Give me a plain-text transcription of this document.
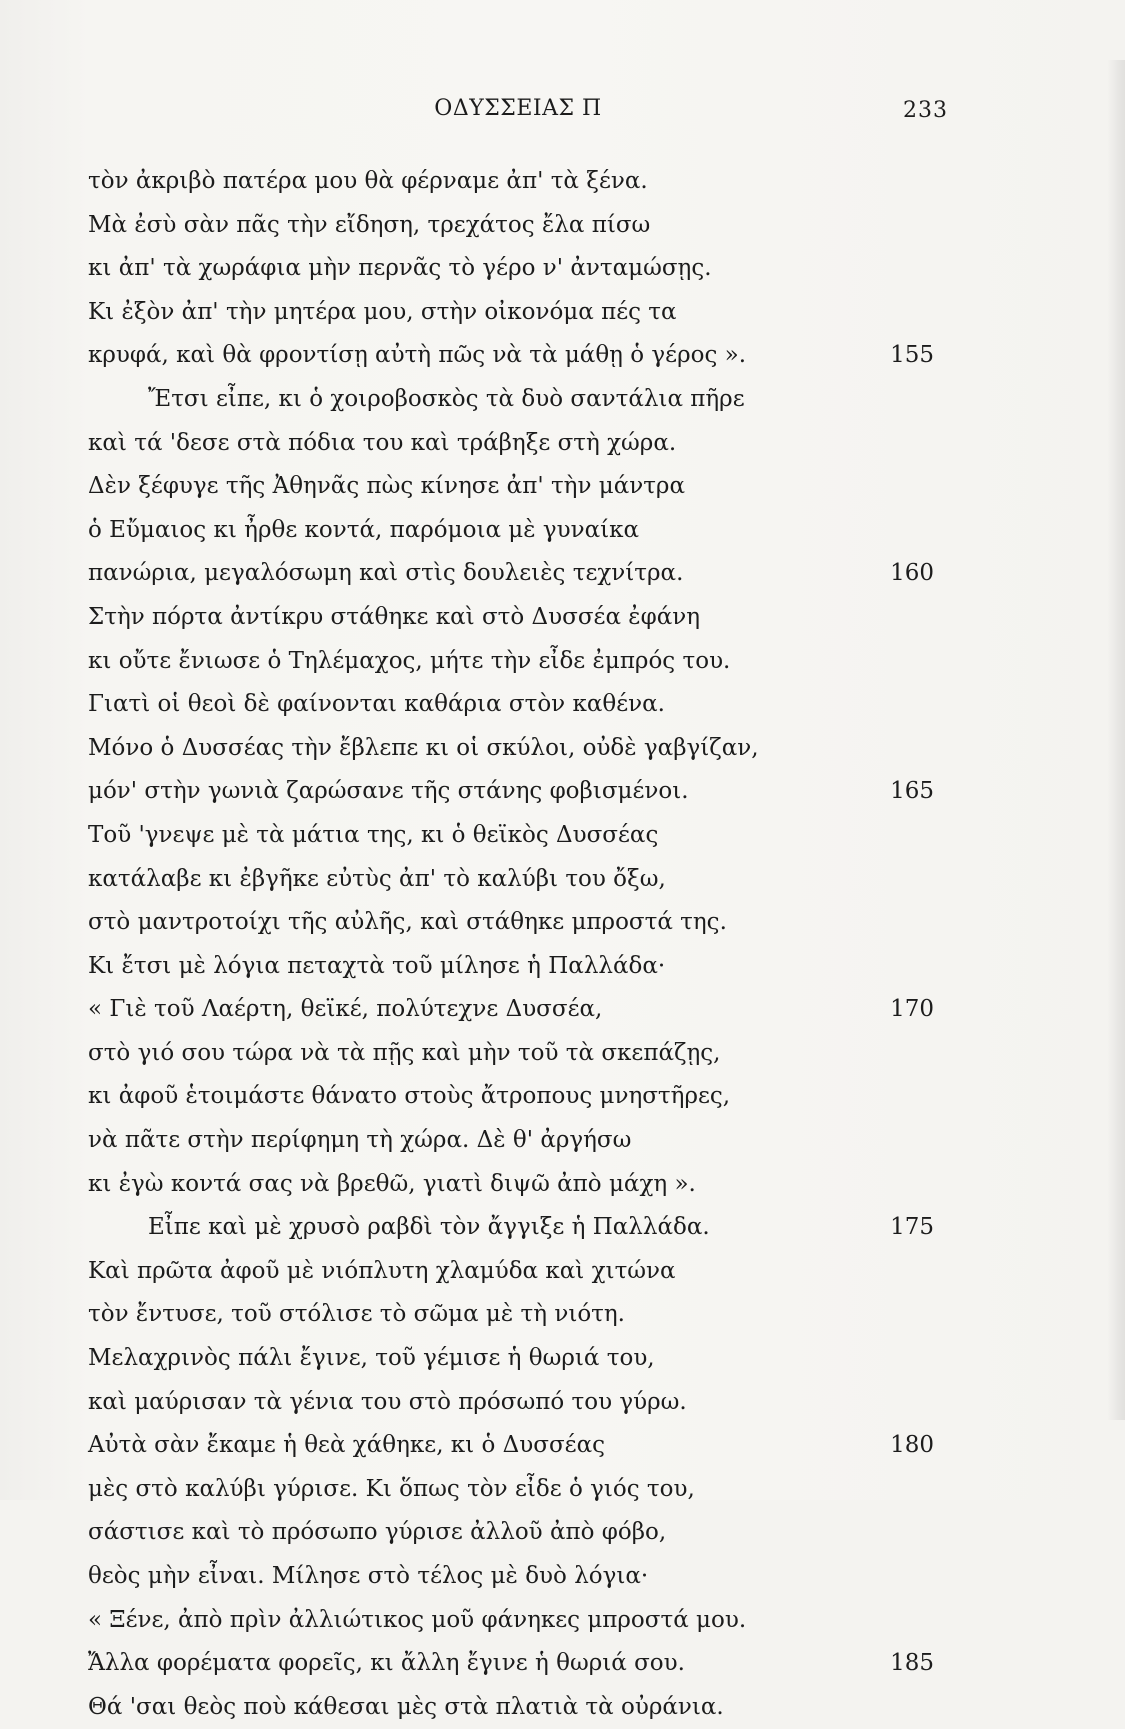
ΟΔΥΣΣΕΙΑΣ Π	233
τὸν ἀκριβὸ πατέρα μου θὰ φέρναμε ἀπ' τὰ ξένα.
Μὰ ἐσὺ σὰν πᾶς τὴν εἴδηση, τρεχάτος ἔλα πίσω
κι ἀπ' τὰ χωράφια μὴν περνᾶς τὸ γέρο ν' ἀνταμώσῃς.
Κι ἐξὸν ἀπ' τὴν μητέρα μου, στὴν οἰκονόμα πές τα
κρυφά, καὶ θὰ φροντίσῃ αὐτὴ πῶς νὰ τὰ μάθῃ ὁ γέρος ».	155
Ἔτσι εἶπε, κι ὁ χοιροβοσκὸς τὰ δυὸ σαντάλια πῆρε
καὶ τά 'δεσε στὰ πόδια του καὶ τράβηξε στὴ χώρα.
Δὲν ξέφυγε τῆς Ἀθηνᾶς πὼς κίνησε ἀπ' τὴν μάντρα
ὁ Εὔμαιος κι ἦρθε κοντά, παρόμοια μὲ γυναίκα
πανώρια, μεγαλόσωμη καὶ στὶς δουλειὲς τεχνίτρα.	160
Στὴν πόρτα ἀντίκρυ στάθηκε καὶ στὸ Δυσσέα ἐφάνη
κι οὔτε ἔνιωσε ὁ Τηλέμαχος, μήτε τὴν εἶδε ἐμπρός του.
Γιατὶ οἱ θεοὶ δὲ φαίνονται καθάρια στὸν καθένα.
Μόνο ὁ Δυσσέας τὴν ἔβλεπε κι οἱ σκύλοι, οὐδὲ γαβγίζαν,
μόν' στὴν γωνιὰ ζαρώσανε τῆς στάνης φοβισμένοι.	165
Τοῦ 'γνεψε μὲ τὰ μάτια της, κι ὁ θεϊκὸς Δυσσέας
κατάλαβε κι ἐβγῆκε εὐτὺς ἀπ' τὸ καλύβι του ὄξω,
στὸ μαντροτοίχι τῆς αὐλῆς, καὶ στάθηκε μπροστά της.
Κι ἔτσι μὲ λόγια πεταχτὰ τοῦ μίλησε ἡ Παλλάδα·
« Γιὲ τοῦ Λαέρτη, θεϊκέ, πολύτεχνε Δυσσέα,	170
στὸ γιό σου τώρα νὰ τὰ πῇς καὶ μὴν τοῦ τὰ σκεπάζῃς,
κι ἀφοῦ ἑτοιμάστε θάνατο στοὺς ἄτροπους μνηστῆρες,
νὰ πᾶτε στὴν περίφημη τὴ χώρα. Δὲ θ' ἀργήσω
κι ἐγὼ κοντά σας νὰ βρεθῶ, γιατὶ διψῶ ἀπὸ μάχη ».
Εἶπε καὶ μὲ χρυσὸ ραβδὶ τὸν ἄγγιξε ἡ Παλλάδα.	175
Καὶ πρῶτα ἀφοῦ μὲ νιόπλυτη χλαμύδα καὶ χιτώνα
τὸν ἔντυσε, τοῦ στόλισε τὸ σῶμα μὲ τὴ νιότη.
Μελαχρινὸς πάλι ἔγινε, τοῦ γέμισε ἡ θωριά του,
καὶ μαύρισαν τὰ γένια του στὸ πρόσωπό του γύρω.
Αὐτὰ σὰν ἔκαμε ἡ θεὰ χάθηκε, κι ὁ Δυσσέας	180
μὲς στὸ καλύβι γύρισε. Κι ὅπως τὸν εἶδε ὁ γιός του,
σάστισε καὶ τὸ πρόσωπο γύρισε ἀλλοῦ ἀπὸ φόβο,
θεὸς μὴν εἶναι. Μίλησε στὸ τέλος μὲ δυὸ λόγια·
« Ξένε, ἀπὸ πρὶν ἀλλιώτικος μοῦ φάνηκες μπροστά μου.
Ἄλλα φορέματα φορεῖς, κι ἄλλη ἔγινε ἡ θωριά σου.	185
Θά 'σαι θεὸς ποὺ κάθεσαι μὲς στὰ πλατιὰ τὰ οὐράνια.
